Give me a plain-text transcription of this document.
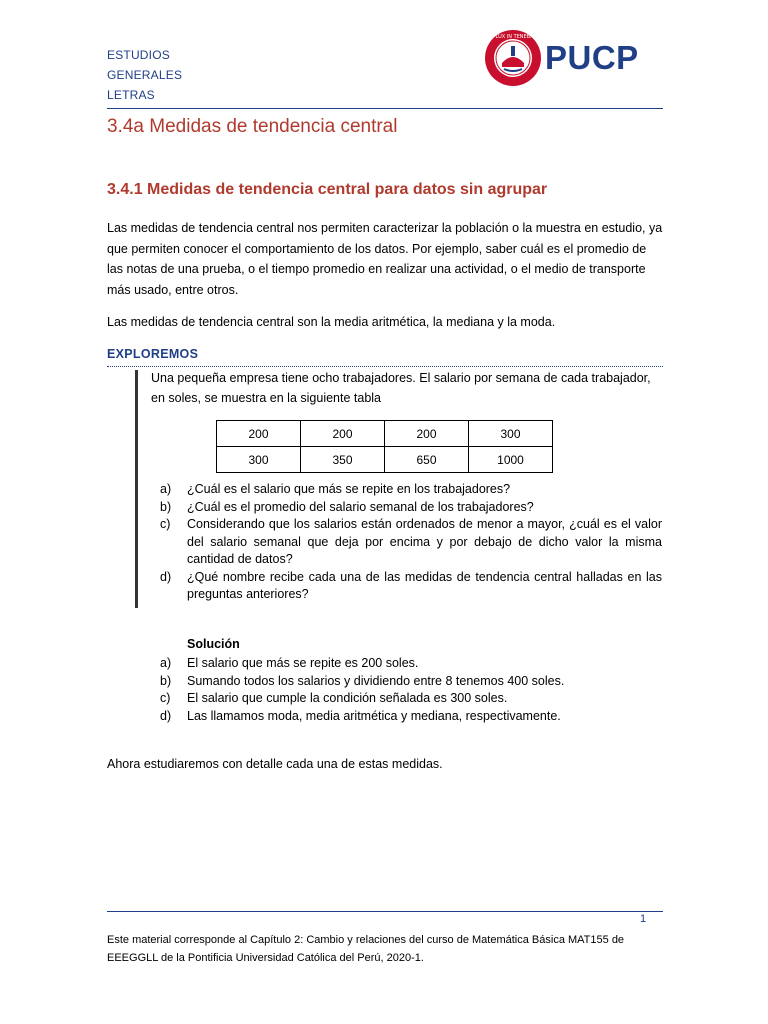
ESTUDIOS
GENERALES
LETRAS
ET LUX IN TENEBRIS
PUCP
3.4a Medidas de tendencia central
3.4.1 Medidas de tendencia central para datos sin agrupar
Las medidas de tendencia central nos permiten caracterizar la población o la muestra en estudio, ya que permiten conocer el comportamiento de los datos. Por ejemplo, saber cuál es el promedio de las notas de una prueba, o el tiempo promedio en realizar una actividad, o el medio de transporte más usado, entre otros.
Las medidas de tendencia central son la media aritmética, la mediana y la moda.
EXPLOREMOS
Una pequeña empresa tiene ocho trabajadores. El salario por semana de cada trabajador, en soles, se muestra en la siguiente tabla
200	200	200	300
300	350	650	1000
a)	¿Cuál es el salario que más se repite en los trabajadores?
b)	¿Cuál es el promedio del salario semanal de los trabajadores?
c)	Considerando que los salarios están ordenados de menor a mayor, ¿cuál es el valor del salario semanal que deja por encima y por debajo de dicho valor la misma cantidad de datos?
d)	¿Qué nombre recibe cada una de las medidas de tendencia central halladas en las preguntas anteriores?
Solución
a)	El salario que más se repite es 200 soles.
b)	Sumando todos los salarios y dividiendo entre 8 tenemos 400 soles.
c)	El salario que cumple la condición señalada es 300 soles.
d)	Las llamamos moda, media aritmética y mediana, respectivamente.
Ahora estudiaremos con detalle cada una de estas medidas.
1
Este material corresponde al Capítulo 2: Cambio y relaciones del curso de Matemática Básica MAT155 de EEEGGLL de la Pontificia Universidad Católica del Perú, 2020-1.
